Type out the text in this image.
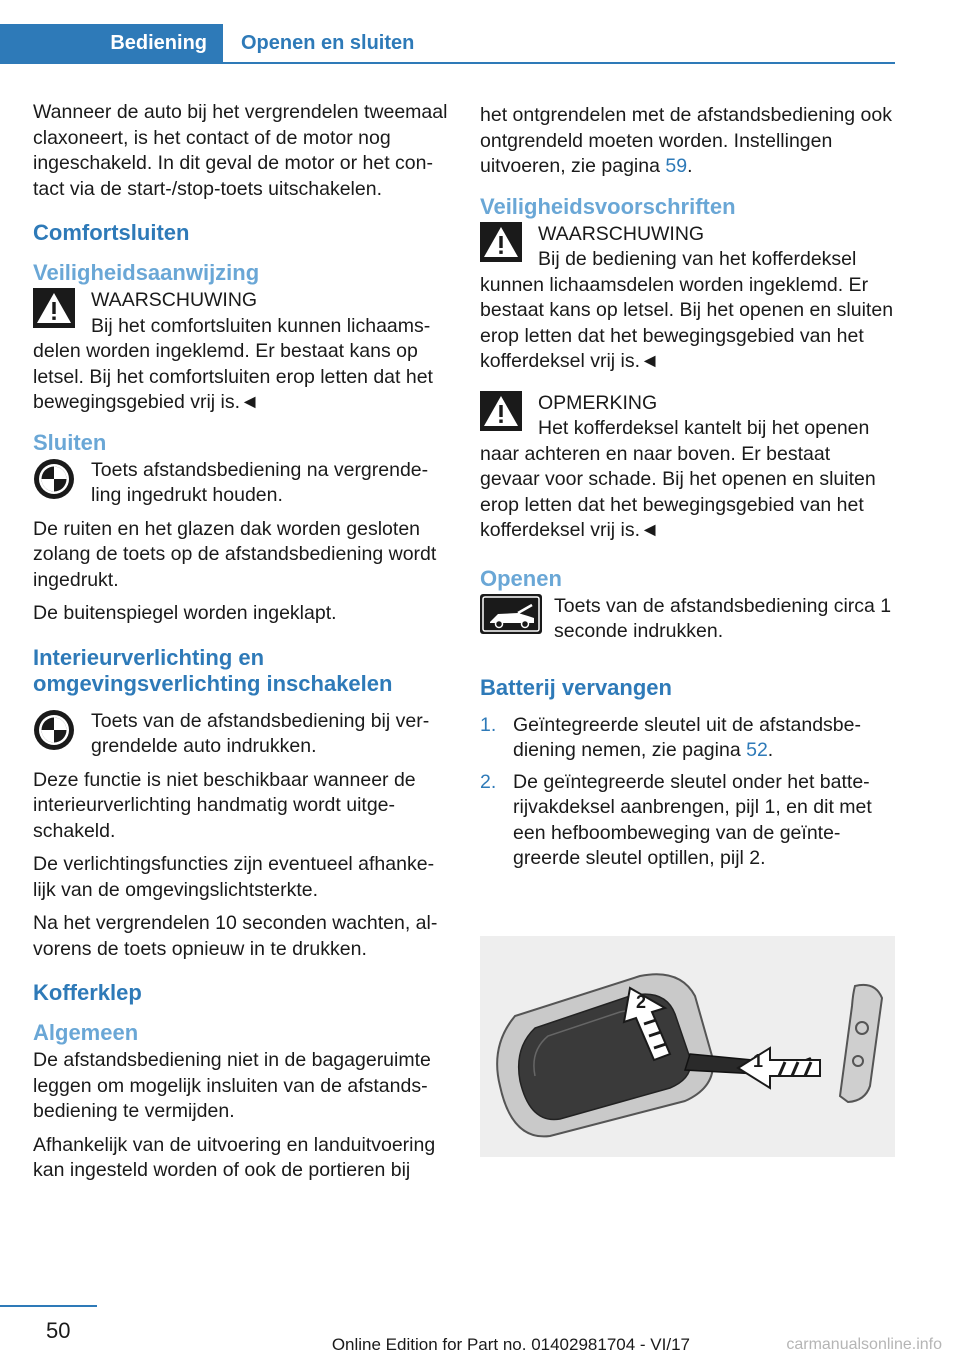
Bediening	Openen en sluiten

Wanneer de auto bij het vergrendelen tweemaal claxoneert, is het contact of de motor nog ingeschakeld. In dit geval de motor or het contact via de start-/stop-toets uitschakelen.

Comfortsluiten
Veiligheidsaanwijzing
WAARSCHUWING
Bij het comfortsluiten kunnen lichaamsdelen worden ingeklemd. Er bestaat kans op letsel. Bij het comfortsluiten erop letten dat het bewegingsgebied vrij is.◄
Sluiten
Toets afstandsbediening na vergrendeling ingedrukt houden.

De ruiten en het glazen dak worden gesloten zolang de toets op de afstandsbediening wordt ingedrukt.

De buitenspiegel worden ingeklapt.

Interieurverlichting en omgevingsverlichting inschakelen
Toets van de afstandsbediening bij vergrendelde auto indrukken.

Deze functie is niet beschikbaar wanneer de interieurverlichting handmatig wordt uitgeschakeld.

De verlichtingsfuncties zijn eventueel afhankelijk van de omgevingslichtsterkte.

Na het vergrendelen 10 seconden wachten, alvorens de toets opnieuw in te drukken.

Kofferklep
Algemeen

De afstandsbediening niet in de bagageruimte leggen om mogelijk insluiten van de afstandsbediening te vermijden.

Afhankelijk van de uitvoering en landuitvoering kan ingesteld worden of ook de portieren bij

het ontgrendelen met de afstandsbediening ook ontgrendeld moeten worden. Instellingen uitvoeren, zie pagina 59.

Veiligheidsvoorschriften
WAARSCHUWING
Bij de bediening van het kofferdeksel kunnen lichaamsdelen worden ingeklemd. Er bestaat kans op letsel. Bij het openen en sluiten erop letten dat het bewegingsgebied van het kofferdeksel vrij is.◄
OPMERKING
Het kofferdeksel kantelt bij het openen naar achteren en naar boven. Er bestaat gevaar voor schade. Bij het openen en sluiten erop letten dat het bewegingsgebied van het kofferdeksel vrij is.◄
Openen
Toets van de afstandsbediening circa 1 seconde indrukken.
Batterij vervangen
1. Geïntegreerde sleutel uit de afstandsbediening nemen, zie pagina 52.
2. De geïntegreerde sleutel onder het batterijvakdeksel aanbrengen, pijl 1, en dit met een hefboombeweging van de geïntegreerde sleutel optillen, pijl 2.
1
2
50
Online Edition for Part no. 01402981704 - VI/17	carmanualsonline.info
